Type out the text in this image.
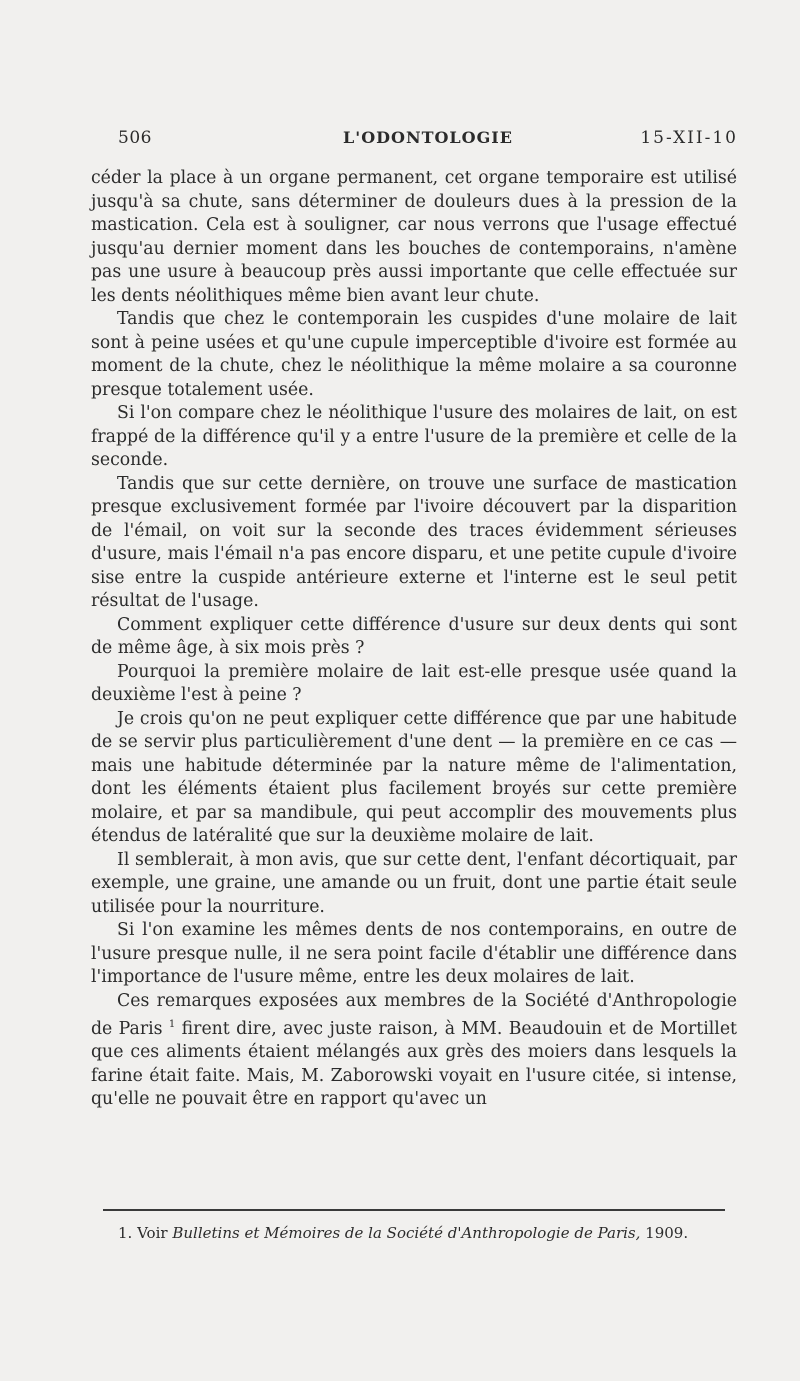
506	L'ODONTOLOGIE	15-XII-10

céder la place à un organe permanent, cet organe temporaire est utilisé jusqu'à sa chute, sans déterminer de douleurs dues à la pression de la mastication. Cela est à souligner, car nous verrons que l'usage effectué jusqu'au dernier moment dans les bouches de contemporains, n'amène pas une usure à beaucoup près aussi importante que celle effectuée sur les dents néolithiques même bien avant leur chute.

Tandis que chez le contemporain les cuspides d'une molaire de lait sont à peine usées et qu'une cupule imperceptible d'ivoire est formée au moment de la chute, chez le néolithique la même molaire a sa couronne presque totalement usée.

Si l'on compare chez le néolithique l'usure des molaires de lait, on est frappé de la différence qu'il y a entre l'usure de la première et celle de la seconde.

Tandis que sur cette dernière, on trouve une surface de mastication presque exclusivement formée par l'ivoire découvert par la disparition de l'émail, on voit sur la seconde des traces évidemment sérieuses d'usure, mais l'émail n'a pas encore disparu, et une petite cupule d'ivoire sise entre la cuspide antérieure externe et l'interne est le seul petit résultat de l'usage.

Comment expliquer cette différence d'usure sur deux dents qui sont de même âge, à six mois près ?

Pourquoi la première molaire de lait est-elle presque usée quand la deuxième l'est à peine ?

Je crois qu'on ne peut expliquer cette différence que par une habitude de se servir plus particulièrement d'une dent — la première en ce cas — mais une habitude déterminée par la nature même de l'alimentation, dont les éléments étaient plus facilement broyés sur cette première molaire, et par sa mandibule, qui peut accomplir des mouvements plus étendus de latéralité que sur la deuxième molaire de lait.

Il semblerait, à mon avis, que sur cette dent, l'enfant décortiquait, par exemple, une graine, une amande ou un fruit, dont une partie était seule utilisée pour la nourriture.

Si l'on examine les mêmes dents de nos contemporains, en outre de l'usure presque nulle, il ne sera point facile d'établir une différence dans l'importance de l'usure même, entre les deux molaires de lait.

Ces remarques exposées aux membres de la Société d'Anthropologie de Paris $^1$ firent dire, avec juste raison, à MM. Beaudouin et de Mortillet que ces aliments étaient mélangés aux grès des moiers dans lesquels la farine était faite. Mais, M. Zaborowski voyait en l'usure citée, si intense, qu'elle ne pouvait être en rapport qu'avec un

1. Voir Bulletins et Mémoires de la Société d'Anthropologie de Paris, 1909.
